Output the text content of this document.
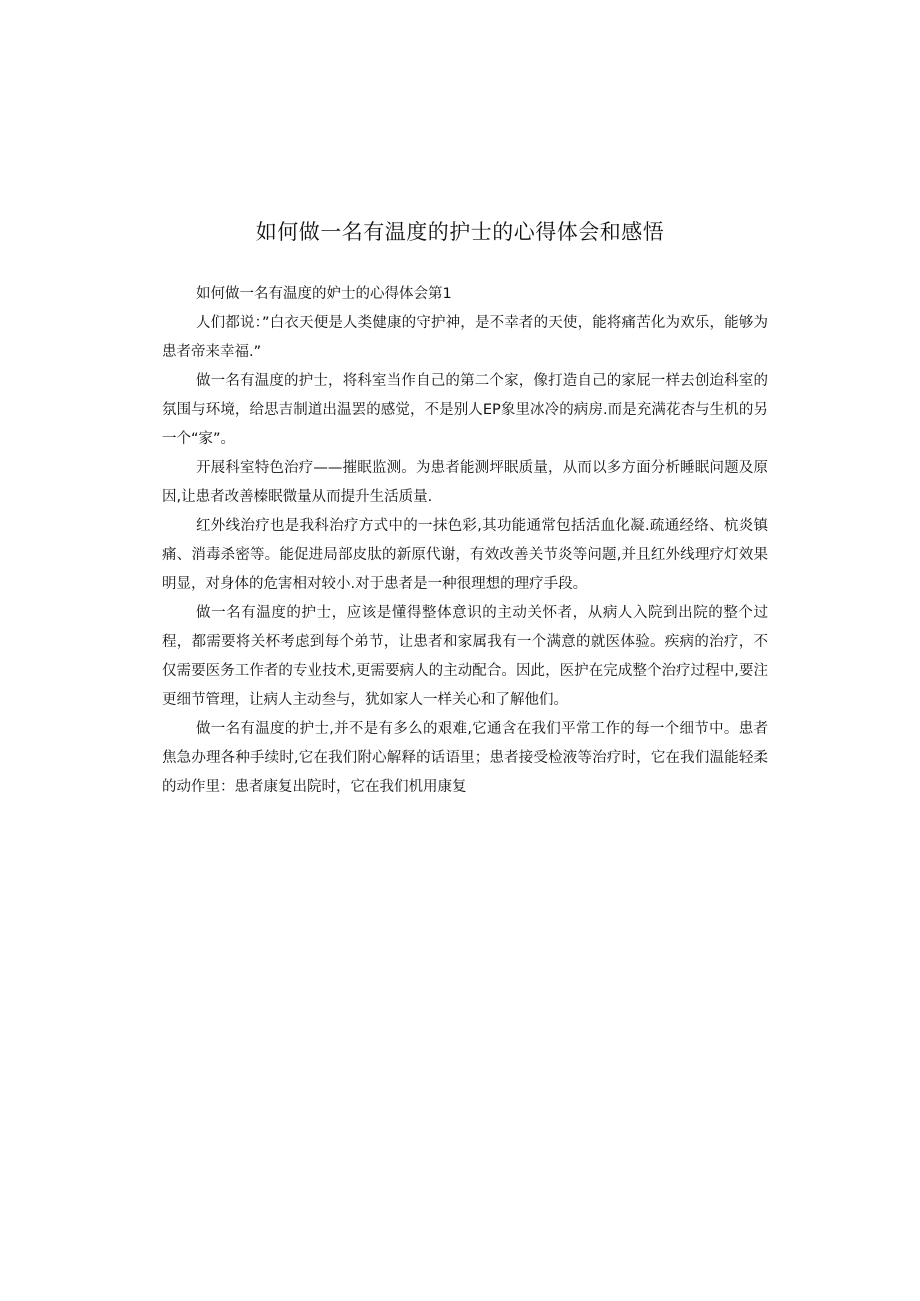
如何做一名有温度的护士的心得体会和感悟

如何做一名有温度的妒士的心得体会第1

人们都说：”白衣天便是人类健康的守护神，是不幸者的天使，能将痛苦化为欢乐，能够为患者帝来幸福.”

做一名有温度的护士，将科室当作自己的第二个家，像打造自己的家屁一样去创迨科室的氛围与环境，给思吉制道出温罢的感觉，不是别人EP象里冰冷的病房.而是充满花杏与生机的另一个“家”。

开展科室特色治疗——摧眠监测。为患者能测坪眠质量，从而以多方面分析睡眠问题及原因,让患者改善榛眠微量从而提升生活质量.

红外线治疗也是我科治疗方式中的一抹色彩,其功能通常包括活血化凝.疏通经络、杭炎镇痛、消毒杀密等。能促进局部皮肽的新原代谢，有效改善关节炎等问题,并且红外线理疗灯效果明显，对身体的危害相对较小.对于患者是一种很理想的理疗手段。

做一名有温度的护士，应该是懂得整体意识的主动关怀者，从病人入院到出院的整个过程，都需要将关杯考虑到每个弟节，让患者和家属我有一个满意的就医体验。疾病的治疗，不仅需要医务工作者的专业技术,更需要病人的主动配合。因此，医护在完成整个治疗过程中,要注更细节管理，让病人主动叁与，犹如家人一样关心和了解他们。

做一名有温度的护士,并不是有多么的艰难,它通含在我们平常工作的每一个细节中。患者焦急办理各种手续时,它在我们附心解释的话语里；患者接受检液等治疗时，它在我们温能轻柔的动作里：患者康复出院时，它在我们机用康复
